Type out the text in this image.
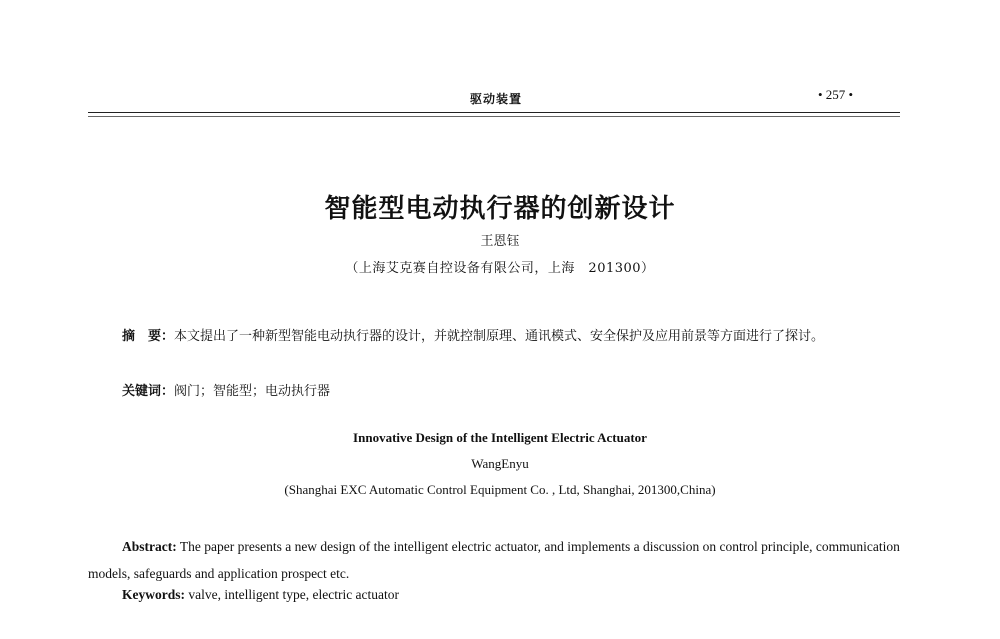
驱动装置	• 257 •
智能型电动执行器的创新设计
王恩钰
（上海艾克赛自控设备有限公司，上海　201300）
摘　要：本文提出了一种新型智能电动执行器的设计，并就控制原理、通讯模式、安全保护及应用前景等方面进行了探讨。
关键词：阀门；智能型；电动执行器
Innovative Design of the Intelligent Electric Actuator
WangEnyu
(Shanghai EXC Automatic Control Equipment Co. , Ltd, Shanghai, 201300,China)
Abstract: The paper presents a new design of the intelligent electric actuator, and implements a discussion on control principle, communication models, safeguards and application prospect etc.
Keywords: valve, intelligent type, electric actuator
